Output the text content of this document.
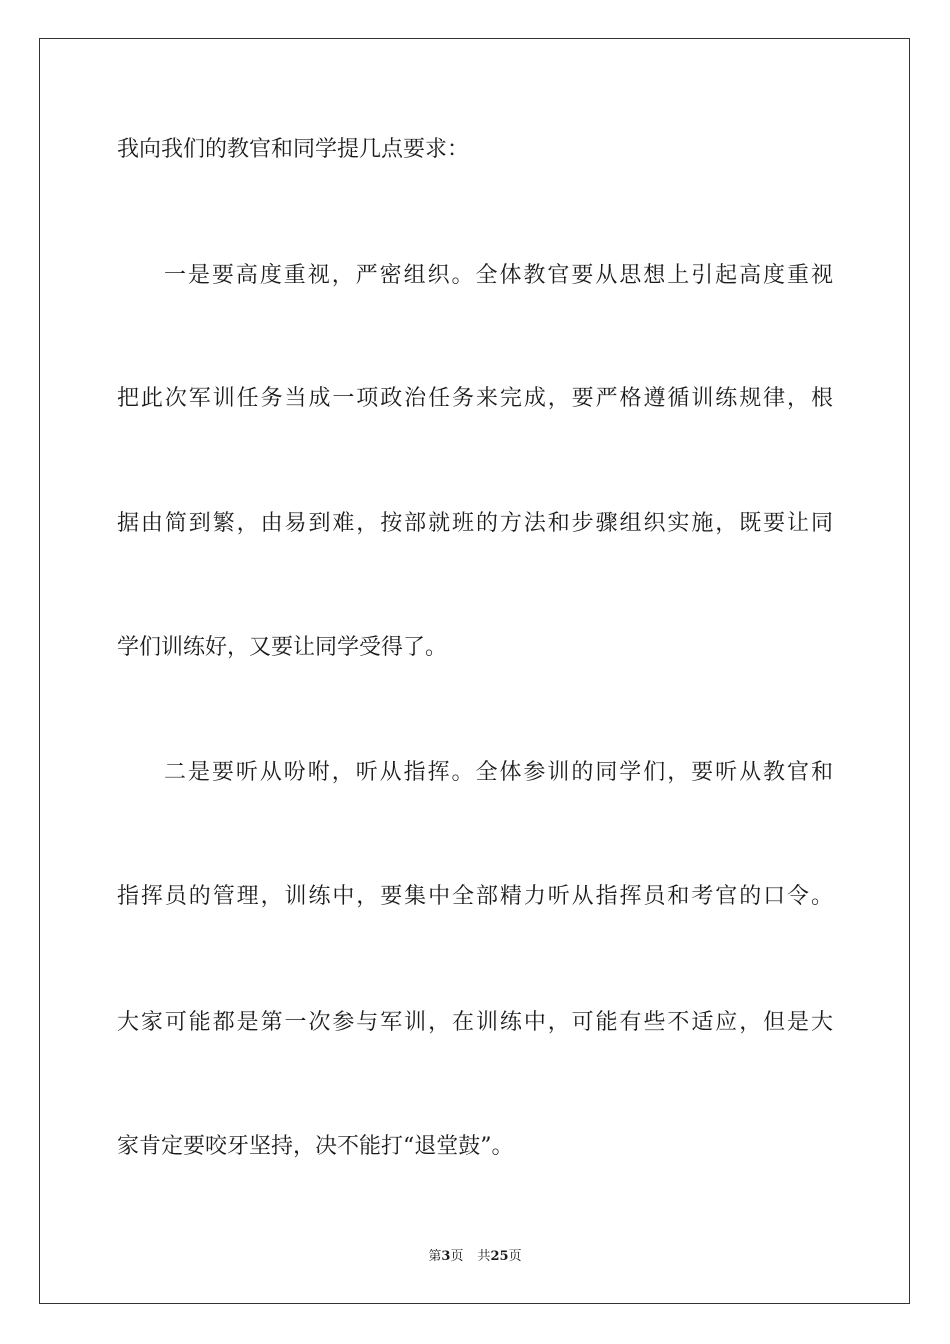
我向我们的教官和同学提几点要求：
一是要高度重视，严密组织。全体教官要从思想上引起高度重视
把此次军训任务当成一项政治任务来完成，要严格遵循训练规律，根
据由简到繁，由易到难，按部就班的方法和步骤组织实施，既要让同
学们训练好，又要让同学受得了。
二是要听从吩咐，听从指挥。全体参训的同学们，要听从教官和
指挥员的管理，训练中，要集中全部精力听从指挥员和考官的口令。
大家可能都是第一次参与军训，在训练中，可能有些不适应，但是大
家肯定要咬牙坚持，决不能打“退堂鼓”。
第3页 共25页
